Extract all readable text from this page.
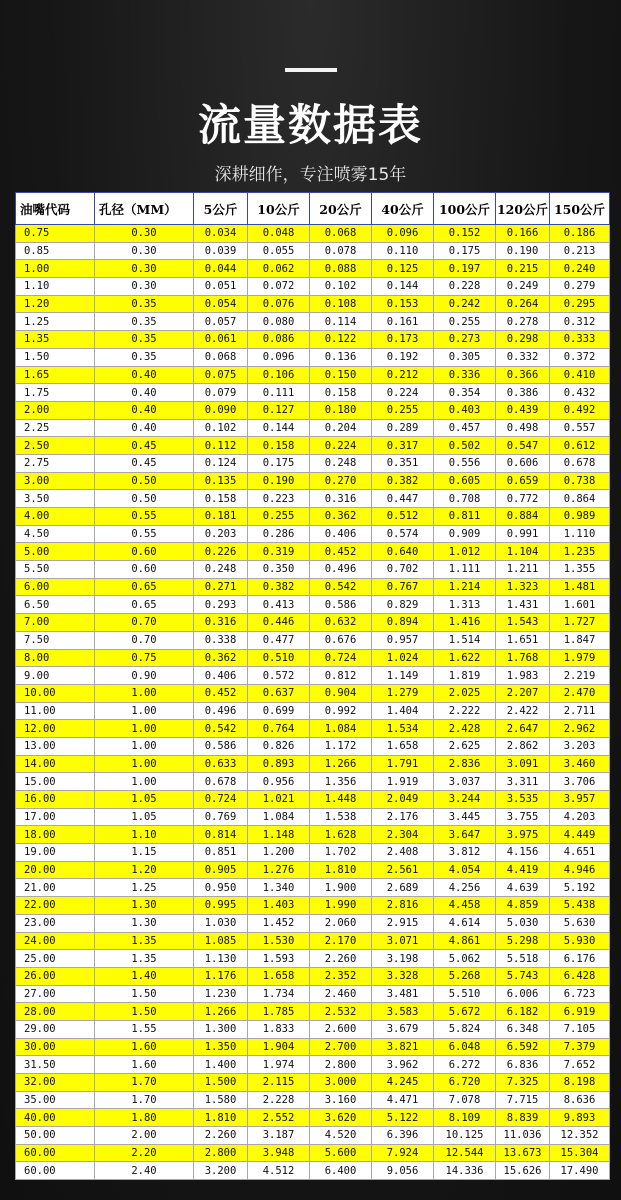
流量数据表
深耕细作，专注喷雾15年
油嘴代码	孔径（MM）	5公斤	10公斤	20公斤	40公斤	100公斤	120公斤	150公斤
0.75	0.30	0.034	0.048	0.068	0.096	0.152	0.166	0.186
0.85	0.30	0.039	0.055	0.078	0.110	0.175	0.190	0.213
1.00	0.30	0.044	0.062	0.088	0.125	0.197	0.215	0.240
1.10	0.30	0.051	0.072	0.102	0.144	0.228	0.249	0.279
1.20	0.35	0.054	0.076	0.108	0.153	0.242	0.264	0.295
1.25	0.35	0.057	0.080	0.114	0.161	0.255	0.278	0.312
1.35	0.35	0.061	0.086	0.122	0.173	0.273	0.298	0.333
1.50	0.35	0.068	0.096	0.136	0.192	0.305	0.332	0.372
1.65	0.40	0.075	0.106	0.150	0.212	0.336	0.366	0.410
1.75	0.40	0.079	0.111	0.158	0.224	0.354	0.386	0.432
2.00	0.40	0.090	0.127	0.180	0.255	0.403	0.439	0.492
2.25	0.40	0.102	0.144	0.204	0.289	0.457	0.498	0.557
2.50	0.45	0.112	0.158	0.224	0.317	0.502	0.547	0.612
2.75	0.45	0.124	0.175	0.248	0.351	0.556	0.606	0.678
3.00	0.50	0.135	0.190	0.270	0.382	0.605	0.659	0.738
3.50	0.50	0.158	0.223	0.316	0.447	0.708	0.772	0.864
4.00	0.55	0.181	0.255	0.362	0.512	0.811	0.884	0.989
4.50	0.55	0.203	0.286	0.406	0.574	0.909	0.991	1.110
5.00	0.60	0.226	0.319	0.452	0.640	1.012	1.104	1.235
5.50	0.60	0.248	0.350	0.496	0.702	1.111	1.211	1.355
6.00	0.65	0.271	0.382	0.542	0.767	1.214	1.323	1.481
6.50	0.65	0.293	0.413	0.586	0.829	1.313	1.431	1.601
7.00	0.70	0.316	0.446	0.632	0.894	1.416	1.543	1.727
7.50	0.70	0.338	0.477	0.676	0.957	1.514	1.651	1.847
8.00	0.75	0.362	0.510	0.724	1.024	1.622	1.768	1.979
9.00	0.90	0.406	0.572	0.812	1.149	1.819	1.983	2.219
10.00	1.00	0.452	0.637	0.904	1.279	2.025	2.207	2.470
11.00	1.00	0.496	0.699	0.992	1.404	2.222	2.422	2.711
12.00	1.00	0.542	0.764	1.084	1.534	2.428	2.647	2.962
13.00	1.00	0.586	0.826	1.172	1.658	2.625	2.862	3.203
14.00	1.00	0.633	0.893	1.266	1.791	2.836	3.091	3.460
15.00	1.00	0.678	0.956	1.356	1.919	3.037	3.311	3.706
16.00	1.05	0.724	1.021	1.448	2.049	3.244	3.535	3.957
17.00	1.05	0.769	1.084	1.538	2.176	3.445	3.755	4.203
18.00	1.10	0.814	1.148	1.628	2.304	3.647	3.975	4.449
19.00	1.15	0.851	1.200	1.702	2.408	3.812	4.156	4.651
20.00	1.20	0.905	1.276	1.810	2.561	4.054	4.419	4.946
21.00	1.25	0.950	1.340	1.900	2.689	4.256	4.639	5.192
22.00	1.30	0.995	1.403	1.990	2.816	4.458	4.859	5.438
23.00	1.30	1.030	1.452	2.060	2.915	4.614	5.030	5.630
24.00	1.35	1.085	1.530	2.170	3.071	4.861	5.298	5.930
25.00	1.35	1.130	1.593	2.260	3.198	5.062	5.518	6.176
26.00	1.40	1.176	1.658	2.352	3.328	5.268	5.743	6.428
27.00	1.50	1.230	1.734	2.460	3.481	5.510	6.006	6.723
28.00	1.50	1.266	1.785	2.532	3.583	5.672	6.182	6.919
29.00	1.55	1.300	1.833	2.600	3.679	5.824	6.348	7.105
30.00	1.60	1.350	1.904	2.700	3.821	6.048	6.592	7.379
31.50	1.60	1.400	1.974	2.800	3.962	6.272	6.836	7.652
32.00	1.70	1.500	2.115	3.000	4.245	6.720	7.325	8.198
35.00	1.70	1.580	2.228	3.160	4.471	7.078	7.715	8.636
40.00	1.80	1.810	2.552	3.620	5.122	8.109	8.839	9.893
50.00	2.00	2.260	3.187	4.520	6.396	10.125	11.036	12.352
60.00	2.20	2.800	3.948	5.600	7.924	12.544	13.673	15.304
60.00	2.40	3.200	4.512	6.400	9.056	14.336	15.626	17.490
